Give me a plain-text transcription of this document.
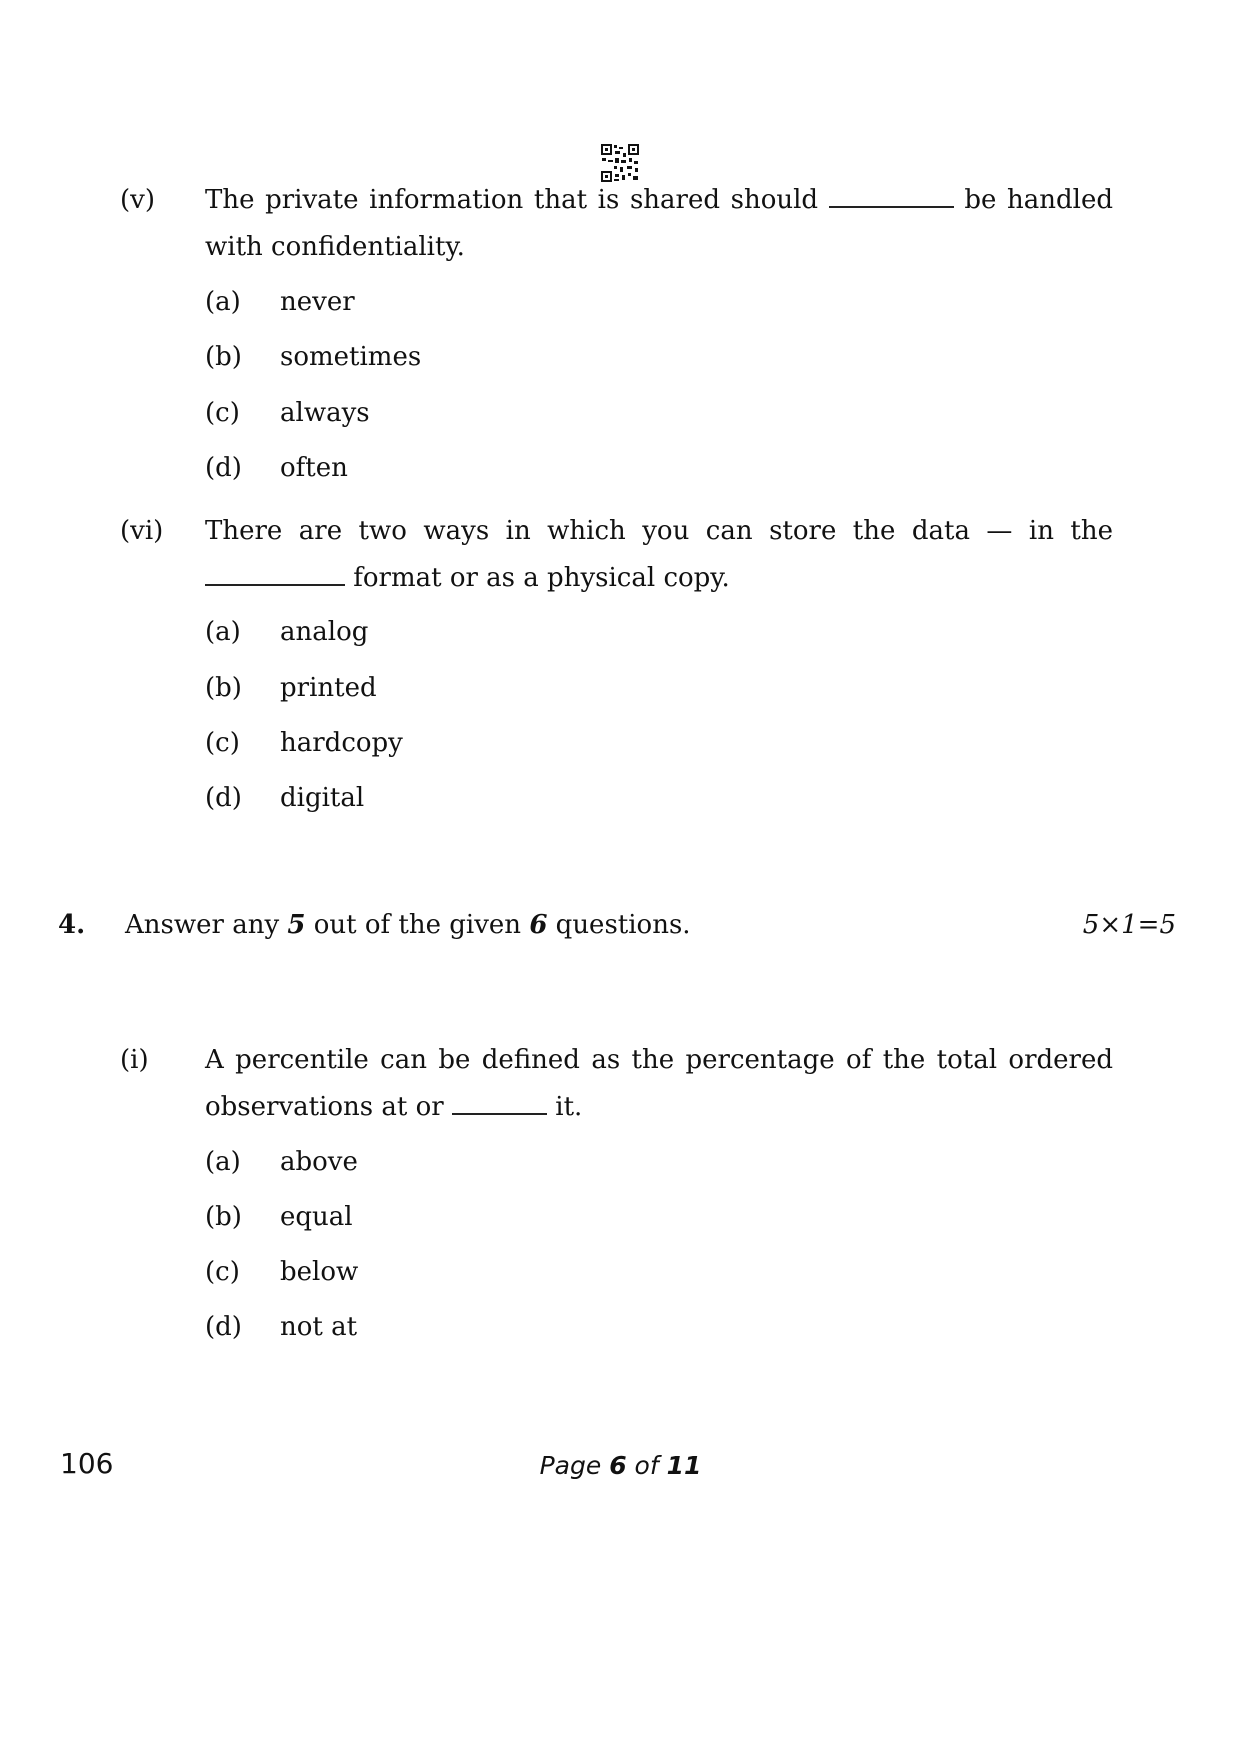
(v) The private information that is shared should	be handled
with confidentiality.
(a) never
(b) sometimes
(c) always
(d) often
(vi) There are two ways in which you can store the data — in the
format or as a physical copy.
(a) analog
(b) printed
(c) hardcopy
(d) digital
4. Answer any 5 out of the given 6 questions.	5×1=5
(i) A percentile can be defined as the percentage of the total ordered
observations at or	it.
(a) above
(b) equal
(c) below
(d) not at
106	Page 6 of 11
